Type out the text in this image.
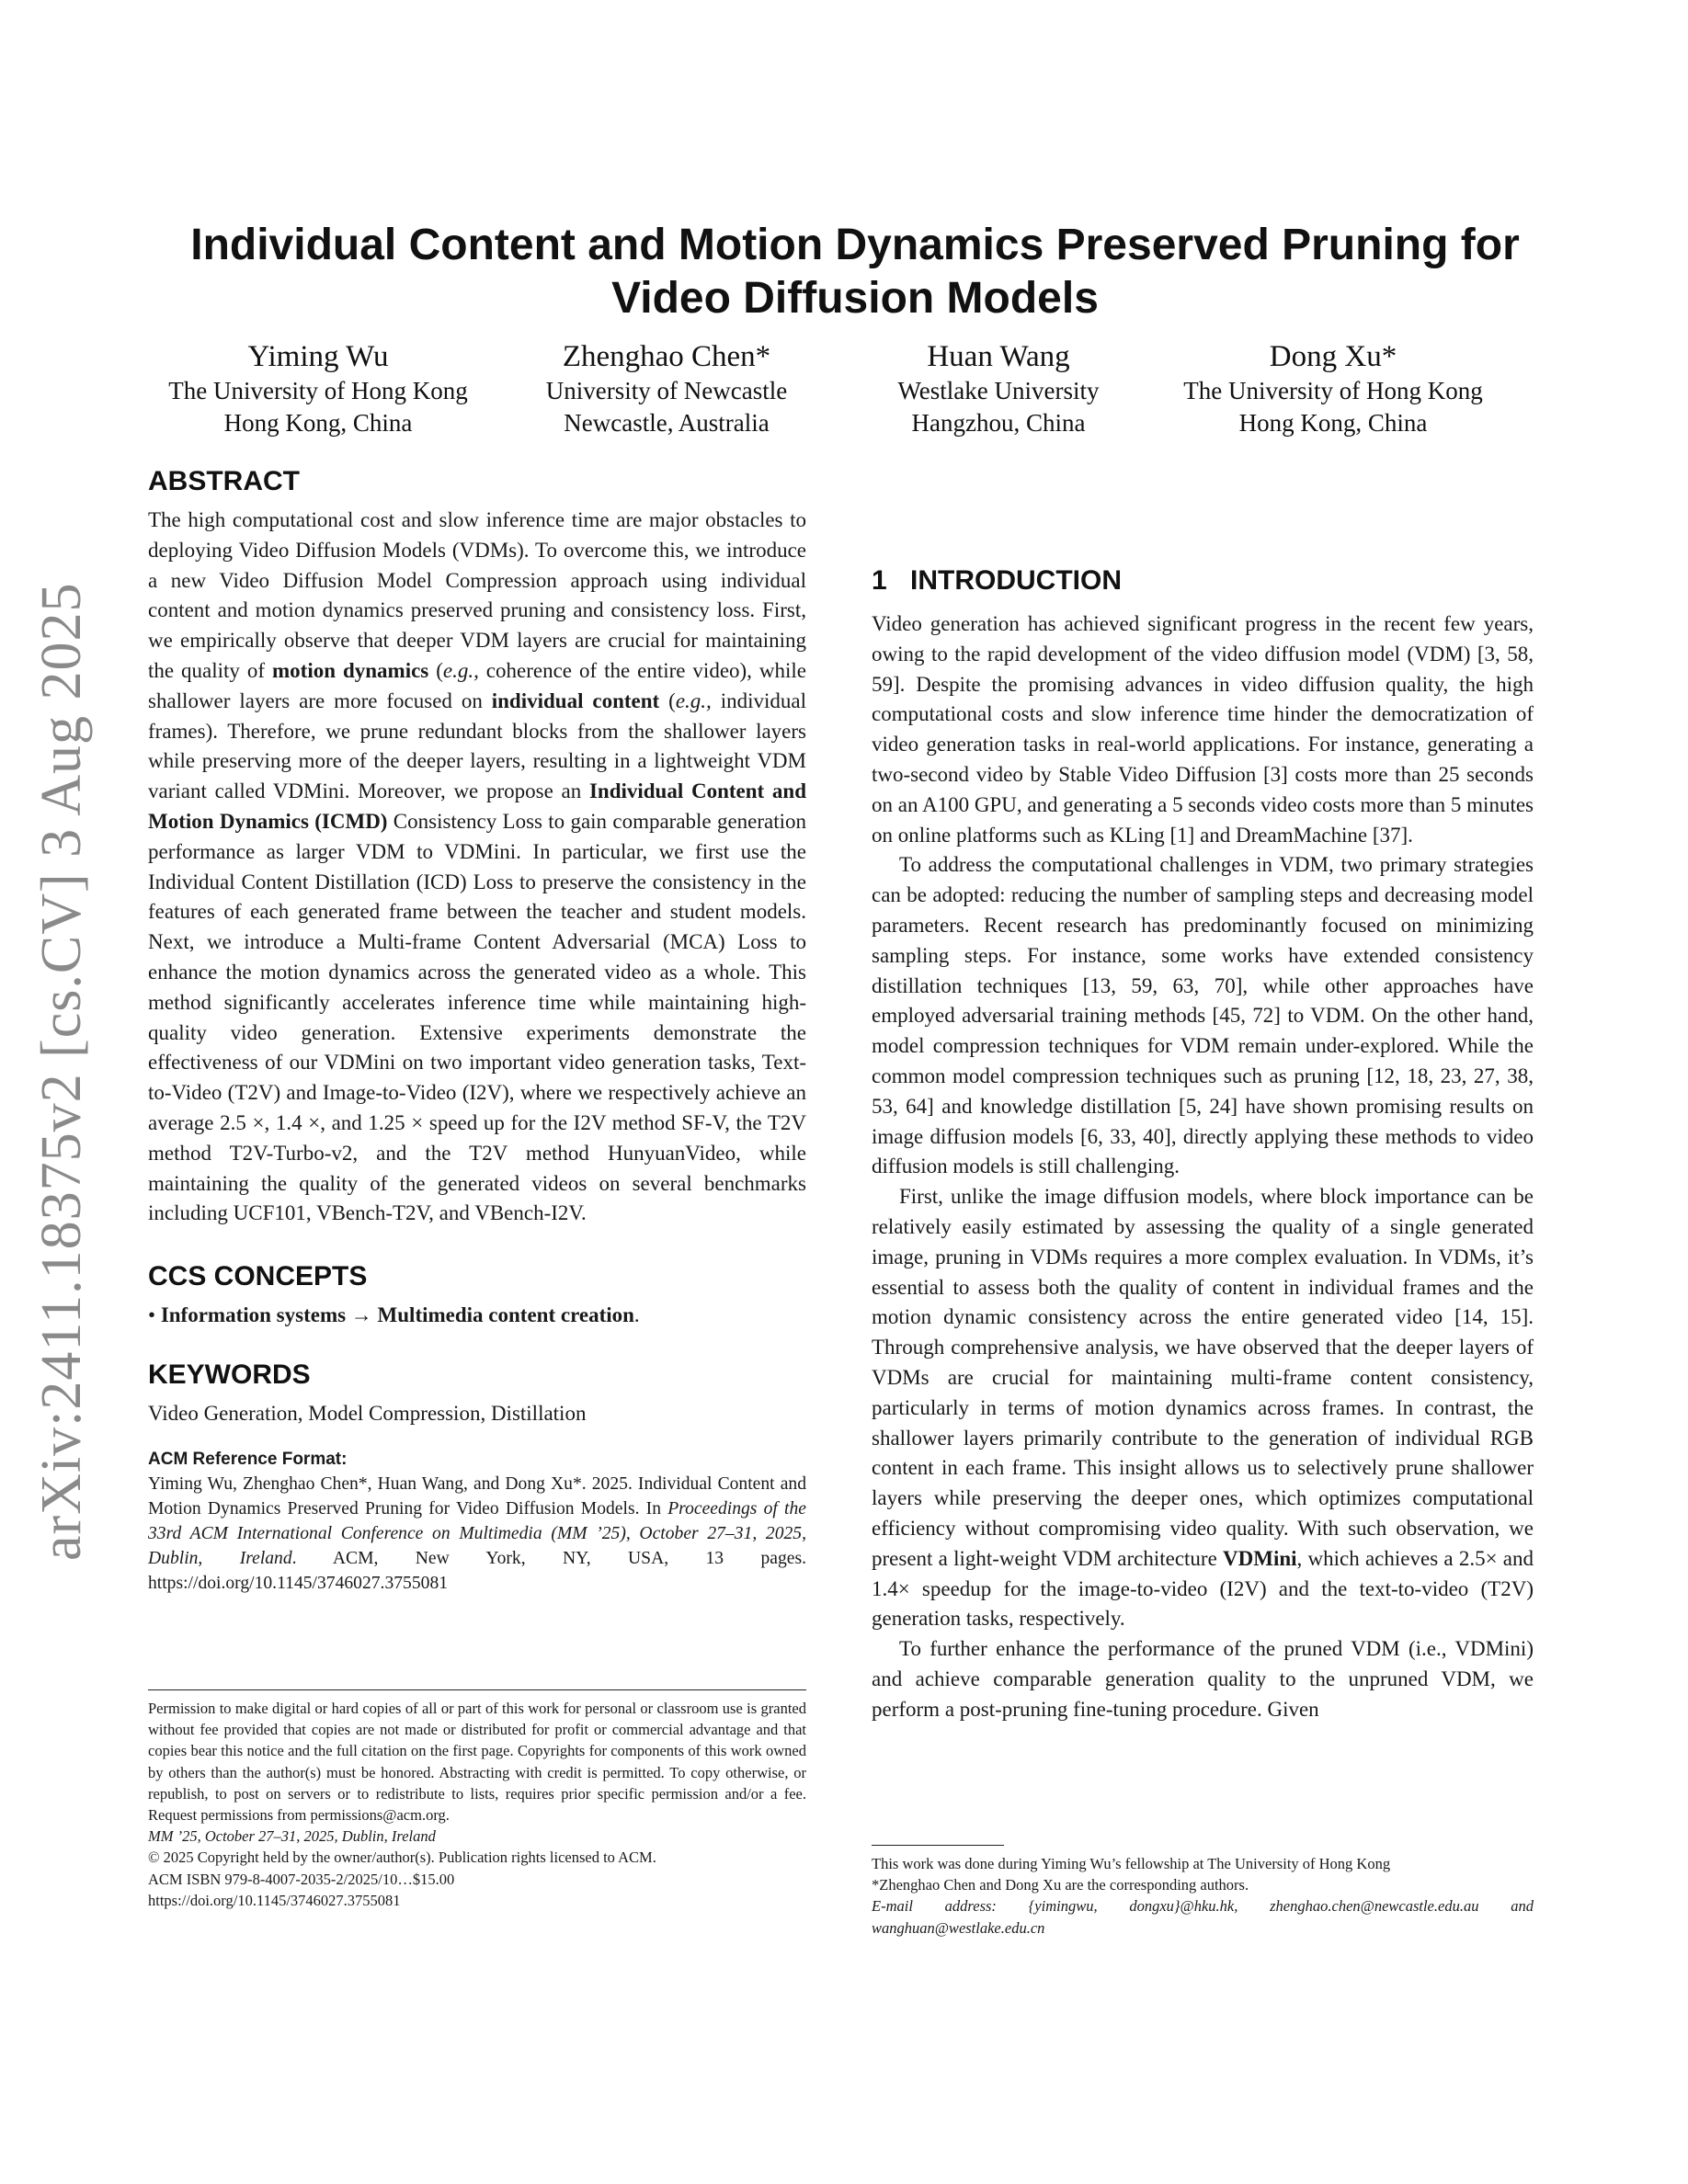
arXiv:2411.18375v2 [cs.CV] 3 Aug 2025
Individual Content and Motion Dynamics Preserved Pruning for
Video Diffusion Models
Yiming Wu
The University of Hong Kong
Hong Kong, China
Zhenghao Chen*
University of Newcastle
Newcastle, Australia
Huan Wang
Westlake University
Hangzhou, China
Dong Xu*
The University of Hong Kong
Hong Kong, China
ABSTRACT

The high computational cost and slow inference time are major obstacles to deploying Video Diffusion Models (VDMs). To overcome this, we introduce a new Video Diffusion Model Compression approach using individual content and motion dynamics preserved pruning and consistency loss. First, we empirically observe that deeper VDM layers are crucial for maintaining the quality of motion dynamics (e.g., coherence of the entire video), while shallower layers are more focused on individual content (e.g., individual frames). Therefore, we prune redundant blocks from the shallower layers while preserving more of the deeper layers, resulting in a lightweight VDM variant called VDMini. Moreover, we propose an Individual Content and Motion Dynamics (ICMD) Consistency Loss to gain comparable generation performance as larger VDM to VDMini. In particular, we first use the Individual Content Distillation (ICD) Loss to preserve the consistency in the features of each generated frame between the teacher and student models. Next, we introduce a Multi-frame Content Adversarial (MCA) Loss to enhance the motion dynamics across the generated video as a whole. This method significantly accelerates inference time while maintaining high-quality video generation. Extensive experiments demonstrate the effectiveness of our VDMini on two important video generation tasks, Text-to-Video (T2V) and Image-to-Video (I2V), where we respectively achieve an average 2.5 ×, 1.4 ×, and 1.25 × speed up for the I2V method SF-V, the T2V method T2V-Turbo-v2, and the T2V method HunyuanVideo, while maintaining the quality of the generated videos on several benchmarks including UCF101, VBench-T2V, and VBench-I2V.

CCS CONCEPTS

• Information systems → Multimedia content creation.

KEYWORDS

Video Generation, Model Compression, Distillation

ACM Reference Format:

Yiming Wu, Zhenghao Chen*, Huan Wang, and Dong Xu*. 2025. Individual Content and Motion Dynamics Preserved Pruning for Video Diffusion Models. In Proceedings of the 33rd ACM International Conference on Multimedia (MM ’25), October 27–31, 2025, Dublin, Ireland. ACM, New York, NY, USA, 13 pages. https://doi.org/10.1145/3746027.3755081

Permission to make digital or hard copies of all or part of this work for personal or classroom use is granted without fee provided that copies are not made or distributed for profit or commercial advantage and that copies bear this notice and the full citation on the first page. Copyrights for components of this work owned by others than the author(s) must be honored. Abstracting with credit is permitted. To copy otherwise, or republish, to post on servers or to redistribute to lists, requires prior specific permission and/or a fee. Request permissions from permissions@acm.org.

MM ’25, October 27–31, 2025, Dublin, Ireland

© 2025 Copyright held by the owner/author(s). Publication rights licensed to ACM.

ACM ISBN 979-8-4007-2035-2/2025/10…$15.00

https://doi.org/10.1145/3746027.3755081

1 INTRODUCTION

Video generation has achieved significant progress in the recent few years, owing to the rapid development of the video diffusion model (VDM) [3, 58, 59]. Despite the promising advances in video diffusion quality, the high computational costs and slow inference time hinder the democratization of video generation tasks in real-world applications. For instance, generating a two-second video by Stable Video Diffusion [3] costs more than 25 seconds on an A100 GPU, and generating a 5 seconds video costs more than 5 minutes on online platforms such as KLing [1] and DreamMachine [37].

To address the computational challenges in VDM, two primary strategies can be adopted: reducing the number of sampling steps and decreasing model parameters. Recent research has predominantly focused on minimizing sampling steps. For instance, some works have extended consistency distillation techniques [13, 59, 63, 70], while other approaches have employed adversarial training methods [45, 72] to VDM. On the other hand, model compression techniques for VDM remain under-explored. While the common model compression techniques such as pruning [12, 18, 23, 27, 38, 53, 64] and knowledge distillation [5, 24] have shown promising results on image diffusion models [6, 33, 40], directly applying these methods to video diffusion models is still challenging.

First, unlike the image diffusion models, where block importance can be relatively easily estimated by assessing the quality of a single generated image, pruning in VDMs requires a more complex evaluation. In VDMs, it’s essential to assess both the quality of content in individual frames and the motion dynamic consistency across the entire generated video [14, 15]. Through comprehensive analysis, we have observed that the deeper layers of VDMs are crucial for maintaining multi-frame content consistency, particularly in terms of motion dynamics across frames. In contrast, the shallower layers primarily contribute to the generation of individual RGB content in each frame. This insight allows us to selectively prune shallower layers while preserving the deeper ones, which optimizes computational efficiency without compromising video quality. With such observation, we present a light-weight VDM architecture VDMini, which achieves a 2.5× and 1.4× speedup for the image-to-video (I2V) and the text-to-video (T2V) generation tasks, respectively.

To further enhance the performance of the pruned VDM (i.e., VDMini) and achieve comparable generation quality to the unpruned VDM, we perform a post-pruning fine-tuning procedure. Given

This work was done during Yiming Wu’s fellowship at The University of Hong Kong

*Zhenghao Chen and Dong Xu are the corresponding authors.

E-mail address: {yimingwu, dongxu}@hku.hk, zhenghao.chen@newcastle.edu.au and wanghuan@westlake.edu.cn
